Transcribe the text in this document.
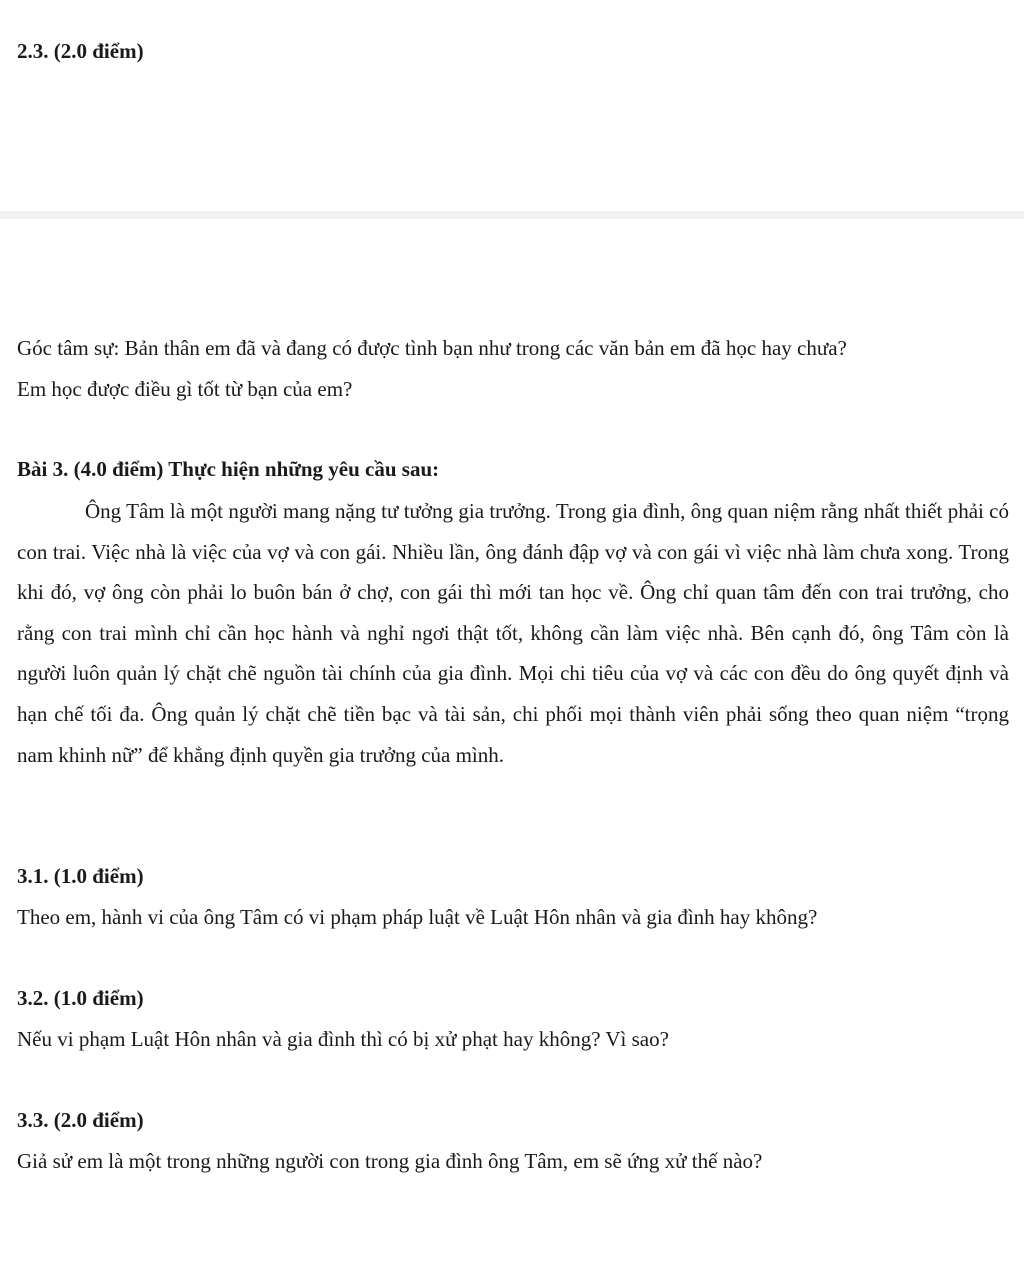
2.3. (2.0 điểm)
Góc tâm sự: Bản thân em đã và đang có được tình bạn như trong các văn bản em đã học hay chưa?
Em học được điều gì tốt từ bạn của em?
Bài 3. (4.0 điểm) Thực hiện những yêu cầu sau:
Ông Tâm là một người mang nặng tư tưởng gia trưởng. Trong gia đình, ông quan niệm rằng nhất thiết phải có con trai. Việc nhà là việc của vợ và con gái. Nhiều lần, ông đánh đập vợ và con gái vì việc nhà làm chưa xong. Trong khi đó, vợ ông còn phải lo buôn bán ở chợ, con gái thì mới tan học về. Ông chỉ quan tâm đến con trai trưởng, cho rằng con trai mình chỉ cần học hành và nghỉ ngơi thật tốt, không cần làm việc nhà. Bên cạnh đó, ông Tâm còn là người luôn quản lý chặt chẽ nguồn tài chính của gia đình. Mọi chi tiêu của vợ và các con đều do ông quyết định và hạn chế tối đa. Ông quản lý chặt chẽ tiền bạc và tài sản, chi phối mọi thành viên phải sống theo quan niệm “trọng nam khinh nữ” để khẳng định quyền gia trưởng của mình.
3.1. (1.0 điểm)
Theo em, hành vi của ông Tâm có vi phạm pháp luật về Luật Hôn nhân và gia đình hay không?
3.2. (1.0 điểm)
Nếu vi phạm Luật Hôn nhân và gia đình thì có bị xử phạt hay không? Vì sao?
3.3. (2.0 điểm)
Giả sử em là một trong những người con trong gia đình ông Tâm, em sẽ ứng xử thế nào?
